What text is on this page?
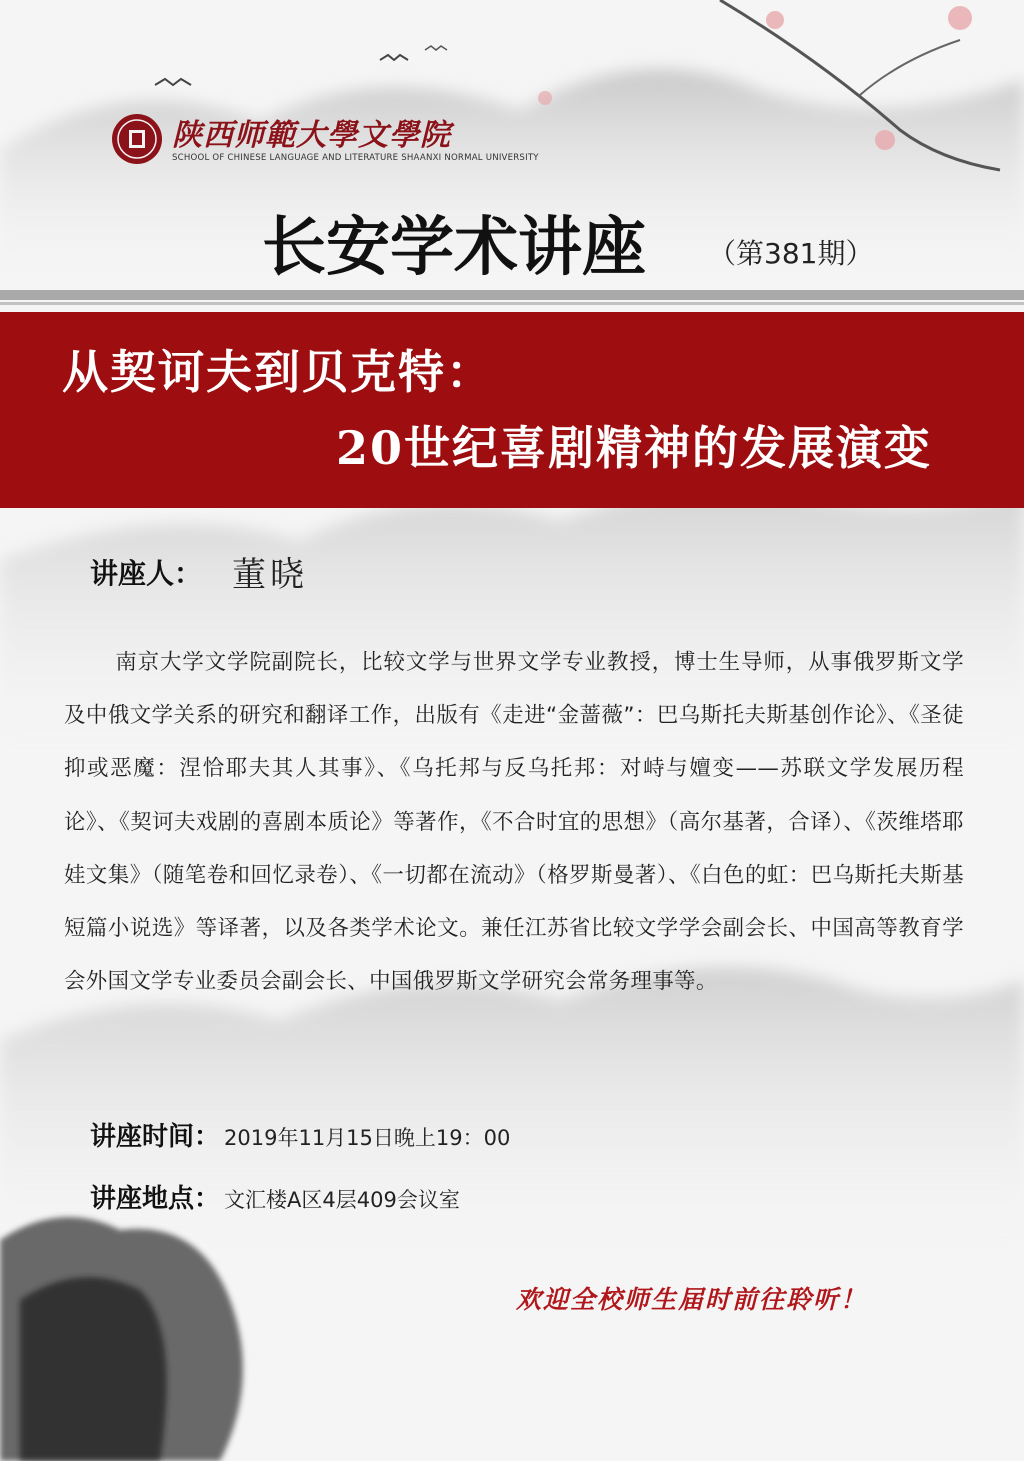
陕西师範大學文學院
SCHOOL OF CHINESE LANGUAGE AND LITERATURE SHAANXI NORMAL UNIVERSITY
长安学术讲座 （第381期）
从契诃夫到贝克特：
20世纪喜剧精神的发展演变
讲座人： 董晓
南京大学文学院副院长，比较文学与世界文学专业教授，博士生导师，从事俄罗斯文学及中俄文学关系的研究和翻译工作，出版有《走进“金蔷薇”：巴乌斯托夫斯基创作论》、《圣徒抑或恶魔：涅恰耶夫其人其事》、《乌托邦与反乌托邦：对峙与嬗变——苏联文学发展历程论》、《契诃夫戏剧的喜剧本质论》等著作，《不合时宜的思想》（高尔基著，合译）、《茨维塔耶娃文集》（随笔卷和回忆录卷）、《一切都在流动》（格罗斯曼著）、《白色的虹：巴乌斯托夫斯基短篇小说选》等译著，以及各类学术论文。兼任江苏省比较文学学会副会长、中国高等教育学会外国文学专业委员会副会长、中国俄罗斯文学研究会常务理事等。
讲座时间： 2019年11月15日晚上19：00
讲座地点： 文汇楼A区4层409会议室
欢迎全校师生届时前往聆听！
